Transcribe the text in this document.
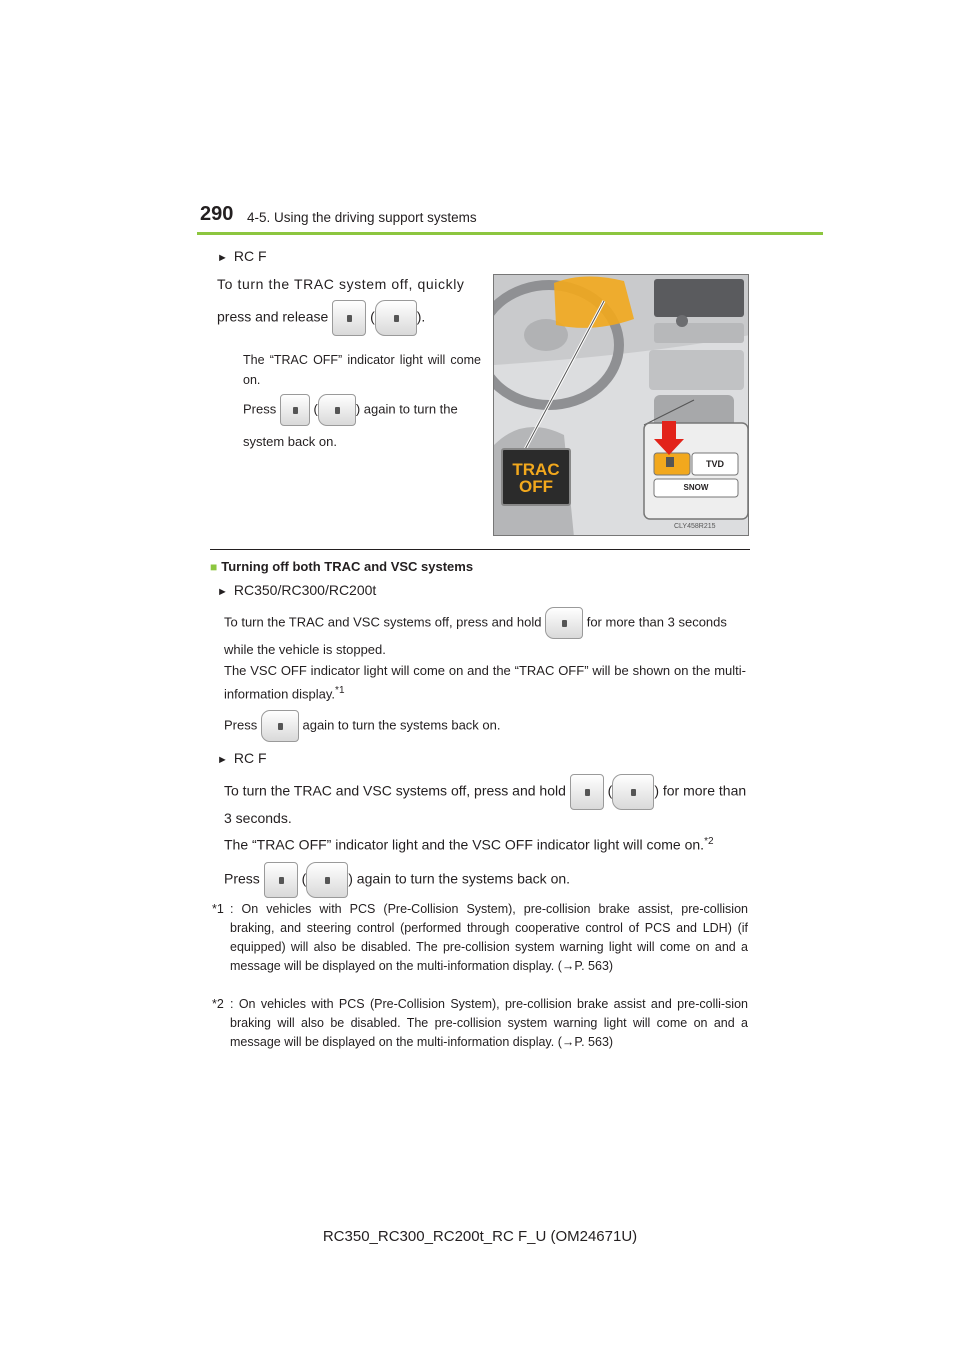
290 4-5. Using the driving support systems
► RC F
To turn the TRAC system off, quickly
press and release	(	).
The “TRAC OFF” indicator light will come on.
Press	(	) again to turn the
system back on.
TRAC
OFF
TVD
SNOW
CLY458R215
■ Turning off both TRAC and VSC systems
► RC350/RC300/RC200t
To turn the TRAC and VSC systems off, press and hold	for more than 3 seconds
while the vehicle is stopped.
The VSC OFF indicator light will come on and the “TRAC OFF” will be shown on the multi-information display.$^{*1}$
Press	again to turn the systems back on.
► RC F
To turn the TRAC and VSC systems off, press and hold	(	) for more than
3 seconds.
The “TRAC OFF” indicator light and the VSC OFF indicator light will come on.$^{*2}$
Press	(	) again to turn the systems back on.
*1 : On vehicles with PCS (Pre-Collision System), pre-collision brake assist, pre-collision braking, and steering control (performed through cooperative control of PCS and LDH) (if equipped) will also be disabled. The pre-collision system warning light will come on and a message will be displayed on the multi-information display. (→P. 563)
*2 : On vehicles with PCS (Pre-Collision System), pre-collision brake assist and pre-colli-sion braking will also be disabled. The pre-collision system warning light will come on and a message will be displayed on the multi-information display. (→P. 563)
RC350_RC300_RC200t_RC F_U (OM24671U)
